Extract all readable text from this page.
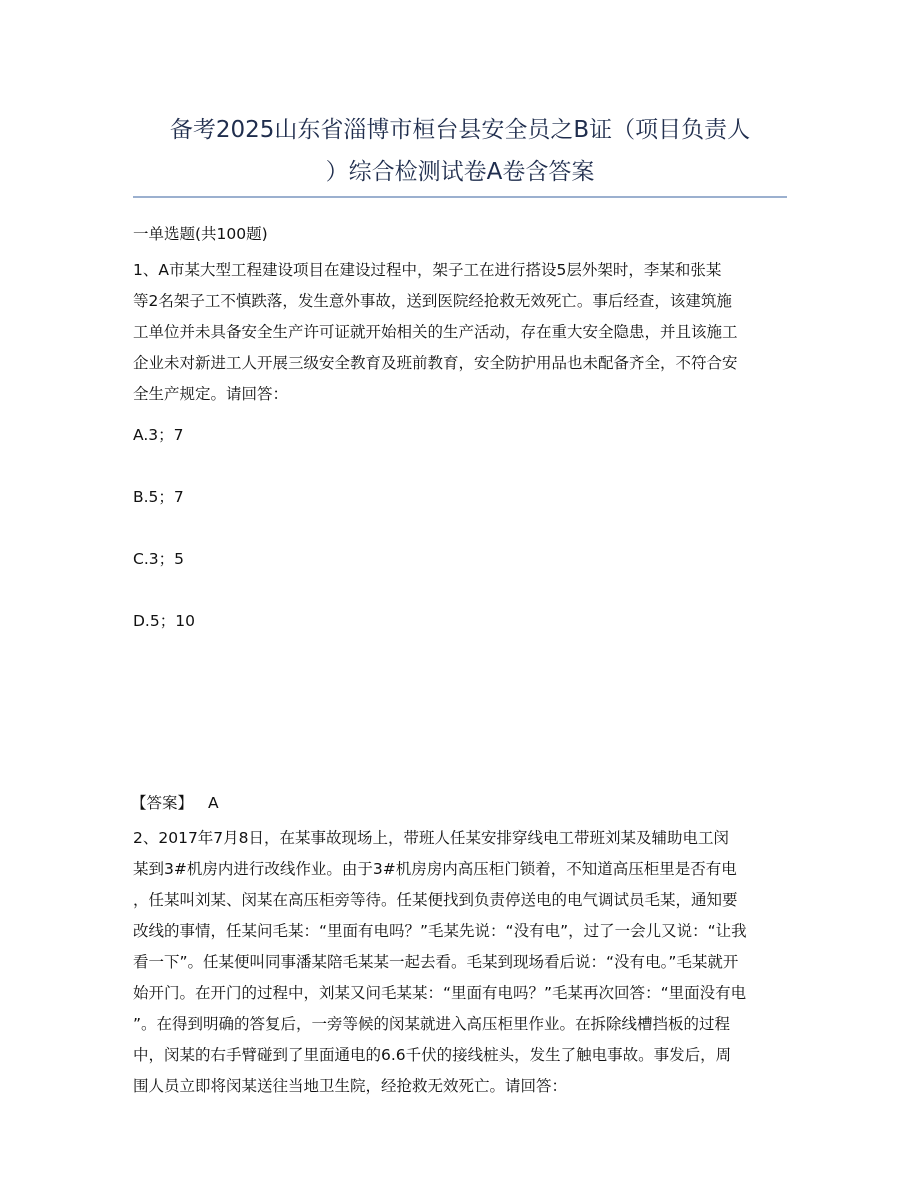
备考2025山东省淄博市桓台县安全员之B证（项目负责人
）综合检测试卷A卷含答案
一单选题(共100题)
1、A市某大型工程建设项目在建设过程中，架子工在进行搭设5层外架时，李某和张某
等2名架子工不慎跌落，发生意外事故，送到医院经抢救无效死亡。事后经查，该建筑施
工单位并未具备安全生产许可证就开始相关的生产活动，存在重大安全隐患，并且该施工
企业未对新进工人开展三级安全教育及班前教育，安全防护用品也未配备齐全，不符合安
全生产规定。请回答：
A.3；7
B.5；7
C.3；5
D.5；10
【答案】 A
2、2017年7月8日，在某事故现场上，带班人任某安排穿线电工带班刘某及辅助电工闵
某到3#机房内进行改线作业。由于3#机房房内高压柜门锁着，不知道高压柜里是否有电
，任某叫刘某、闵某在高压柜旁等待。任某便找到负责停送电的电气调试员毛某，通知要
改线的事情，任某问毛某：“里面有电吗？”毛某先说：“没有电”，过了一会儿又说：“让我
看一下”。任某便叫同事潘某陪毛某某一起去看。毛某到现场看后说：“没有电。”毛某就开
始开门。在开门的过程中，刘某又问毛某某：“里面有电吗？”毛某再次回答：“里面没有电
”。在得到明确的答复后，一旁等候的闵某就进入高压柜里作业。在拆除线槽挡板的过程
中，闵某的右手臂碰到了里面通电的6.6千伏的接线桩头，发生了触电事故。事发后，周
围人员立即将闵某送往当地卫生院，经抢救无效死亡。请回答：
